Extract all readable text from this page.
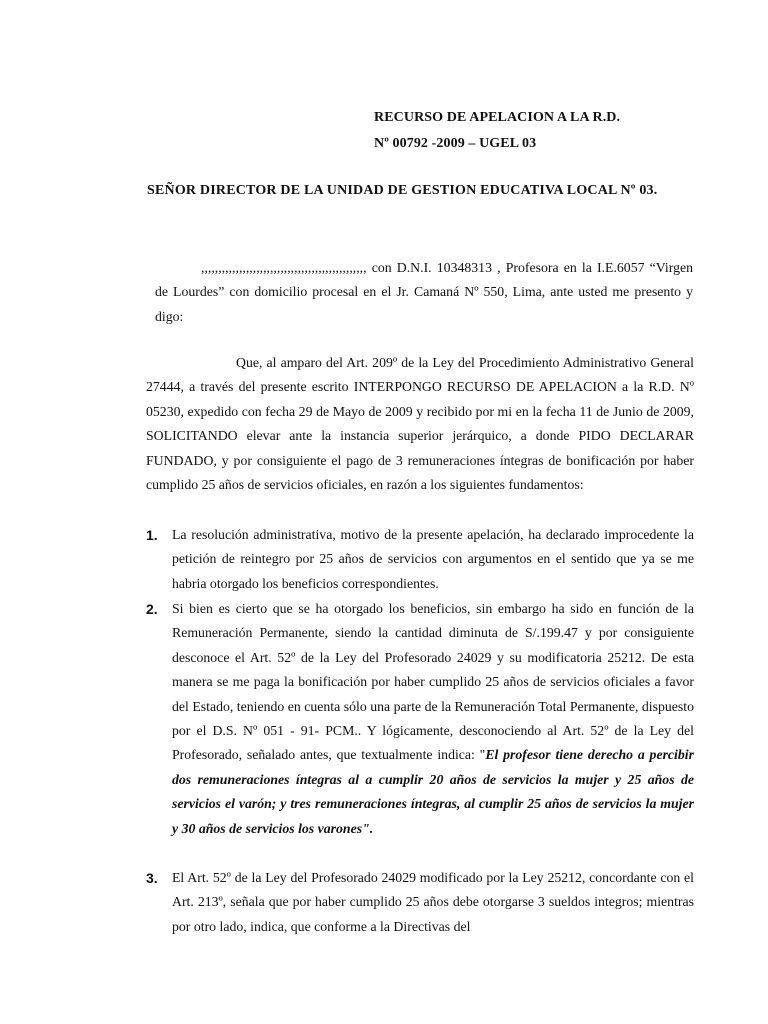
RECURSO DE APELACION A LA R.D.
Nº 00792 -2009 – UGEL 03
SEÑOR DIRECTOR DE LA UNIDAD DE GESTION EDUCATIVA LOCAL Nº 03.
,,,,,,,,,,,,,,,,,,,,,,,,,,,,,,,,,,,,,,,,,,,,,,,, con D.N.I. 10348313 , Profesora en la I.E.6057 “Virgen de Lourdes” con domicilio procesal en el Jr. Camaná Nº 550, Lima, ante usted me presento y digo:
Que, al amparo del Art. 209º de la Ley del Procedimiento Administrativo General 27444, a través del presente escrito INTERPONGO RECURSO DE APELACION a la R.D. Nº 05230, expedido con fecha 29 de Mayo de 2009 y recibido por mi en la fecha 11 de Junio de 2009, SOLICITANDO elevar ante la instancia superior jerárquico, a donde PIDO DECLARAR FUNDADO, y por consiguiente el pago de 3 remuneraciones íntegras de bonificación por haber cumplido 25 años de servicios oficiales, en razón a los siguientes fundamentos:
1. La resolución administrativa, motivo de la presente apelación, ha declarado improcedente la petición de reintegro por 25 años de servicios con argumentos en el sentido que ya se me habria otorgado los beneficios correspondientes.
2. Si bien es cierto que se ha otorgado los beneficios, sin embargo ha sido en función de la Remuneración Permanente, siendo la cantidad diminuta de S/.199.47 y por consiguiente desconoce el Art. 52º de la Ley del Profesorado 24029 y su modificatoria 25212. De esta manera se me paga la bonificación por haber cumplido 25 años de servicios oficiales a favor del Estado, teniendo en cuenta sólo una parte de la Remuneración Total Permanente, dispuesto por el D.S. Nº 051 - 91- PCM.. Y lógicamente, desconociendo al Art. 52º de la Ley del Profesorado, señalado antes, que textualmente indica: "El profesor tiene derecho a percibir dos remuneraciones íntegras al a cumplir 20 años de servicios la mujer y 25 años de servicios el varón; y tres remuneraciones íntegras, al cumplir 25 años de servicios la mujer y 30 años de servicios los varones".
3. El Art. 52º de la Ley del Profesorado 24029 modificado por la Ley 25212, concordante con el Art. 213º, señala que por haber cumplido 25 años debe otorgarse 3 sueldos integros; mientras por otro lado, indica, que conforme a la Directivas del
